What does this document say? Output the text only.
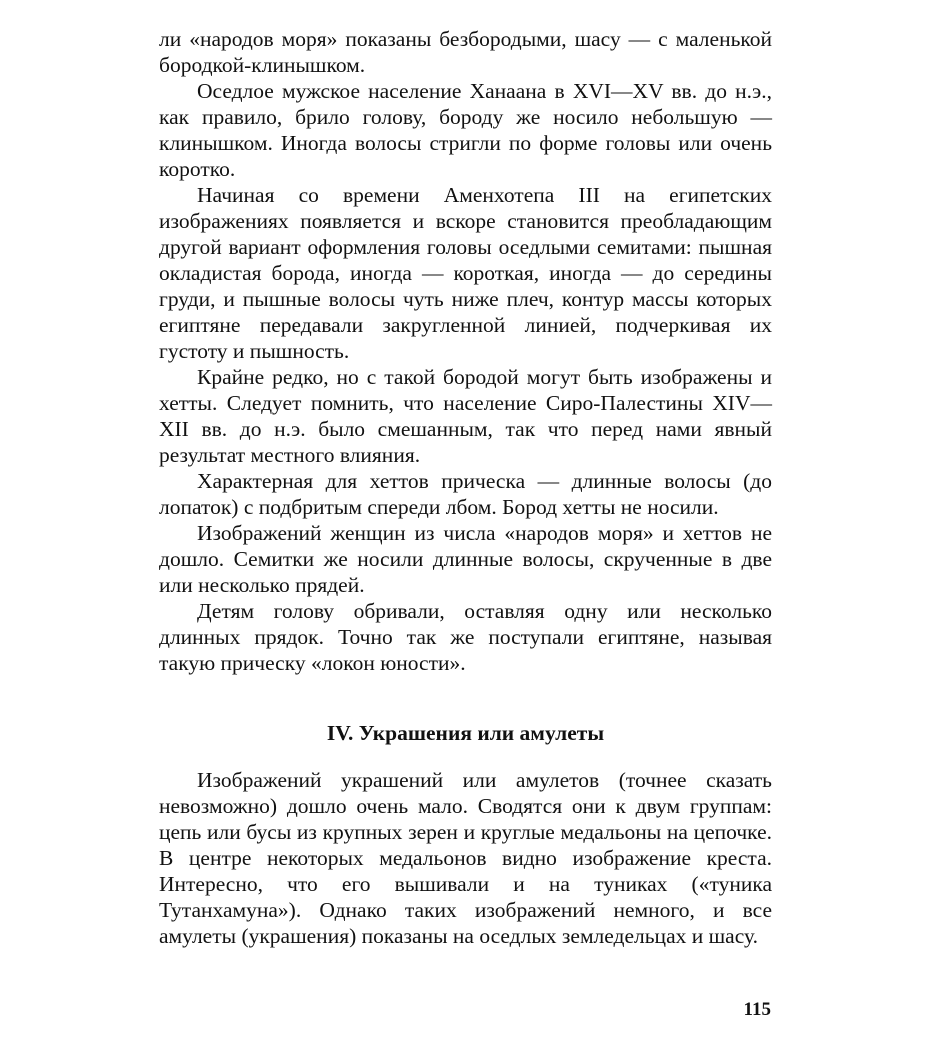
ли «народов моря» показаны безбородыми, шасу — с маленькой бородкой-клинышком.

Оседлое мужское население Ханаана в XVI—XV вв. до н.э., как правило, брило голову, бороду же носило небольшую — клинышком. Иногда волосы стригли по форме головы или очень коротко.

Начиная со времени Аменхотепа III на египетских изображениях появляется и вскоре становится преобладающим другой вариант оформления головы оседлыми семитами: пышная окладистая борода, иногда — короткая, иногда — до середины груди, и пышные волосы чуть ниже плеч, контур массы которых египтяне передавали закругленной линией, подчеркивая их густоту и пышность.

Крайне редко, но с такой бородой могут быть изображены и хетты. Следует помнить, что население Сиро-Палестины XIV—XII вв. до н.э. было смешанным, так что перед нами явный результат местного влияния.

Характерная для хеттов прическа — длинные волосы (до лопаток) с подбритым спереди лбом. Бород хетты не носили.

Изображений женщин из числа «народов моря» и хеттов не дошло. Семитки же носили длинные волосы, скрученные в две или несколько прядей.

Детям голову обривали, оставляя одну или несколько длинных прядок. Точно так же поступали египтяне, называя такую прическу «локон юности».

IV. Украшения или амулеты

Изображений украшений или амулетов (точнее сказать невозможно) дошло очень мало. Сводятся они к двум группам: цепь или бусы из крупных зерен и круглые медальоны на цепочке. В центре некоторых медальонов видно изображение креста. Интересно, что его вышивали и на туниках («туника Тутанхамуна»). Однако таких изображений немного, и все амулеты (украшения) показаны на оседлых земледельцах и шасу.

115
